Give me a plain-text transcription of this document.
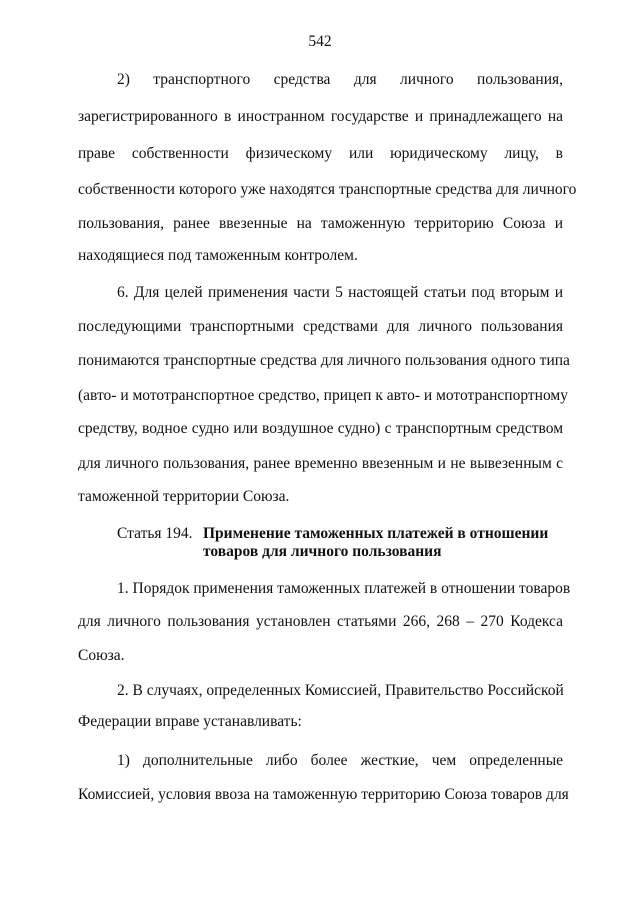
542
2) транспортного средства для личного пользования,
зарегистрированного в иностранном государстве и принадлежащего на
праве собственности физическому или юридическому лицу, в
собственности которого уже находятся транспортные средства для личного
пользования, ранее ввезенные на таможенную территорию Союза и
находящиеся под таможенным контролем.
6. Для целей применения части 5 настоящей статьи под вторым и
последующими транспортными средствами для личного пользования
понимаются транспортные средства для личного пользования одного типа
(авто- и мототранспортное средство, прицеп к авто- и мототранспортному
средству, водное судно или воздушное судно) с транспортным средством
для личного пользования, ранее временно ввезенным и не вывезенным с
таможенной территории Союза.
Статья 194. Применение таможенных платежей в отношении
товаров для личного пользования
1. Порядок применения таможенных платежей в отношении товаров
для личного пользования установлен статьями 266, 268 – 270 Кодекса
Союза.
2. В случаях, определенных Комиссией, Правительство Российской
Федерации вправе устанавливать:
1) дополнительные либо более жесткие, чем определенные
Комиссией, условия ввоза на таможенную территорию Союза товаров для
